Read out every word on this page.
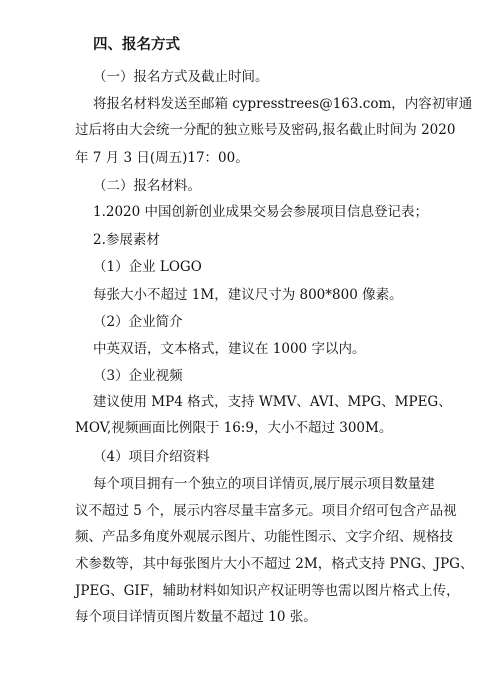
四、报名方式
（一）报名方式及截止时间。
将报名材料发送至邮箱 cypresstrees@163.com，内容初审通
过后将由大会统一分配的独立账号及密码,报名截止时间为 2020
年 7 月 3 日(周五)17：00。
（二）报名材料。
1.2020 中国创新创业成果交易会参展项目信息登记表；
2.参展素材
（1）企业 LOGO
每张大小不超过 1M，建议尺寸为 800*800 像素。
（2）企业简介
中英双语，文本格式，建议在 1000 字以内。
（3）企业视频
建议使用 MP4 格式，支持 WMV、AVI、MPG、MPEG、
MOV,视频画面比例限于 16:9，大小不超过 300M。
（4）项目介绍资料
每个项目拥有一个独立的项目详情页,展厅展示项目数量建
议不超过 5 个，展示内容尽量丰富多元。项目介绍可包含产品视
频、产品多角度外观展示图片、功能性图示、文字介绍、规格技
术参数等，其中每张图片大小不超过 2M，格式支持 PNG、JPG、
JPEG、GIF，辅助材料如知识产权证明等也需以图片格式上传，
每个项目详情页图片数量不超过 10 张。
